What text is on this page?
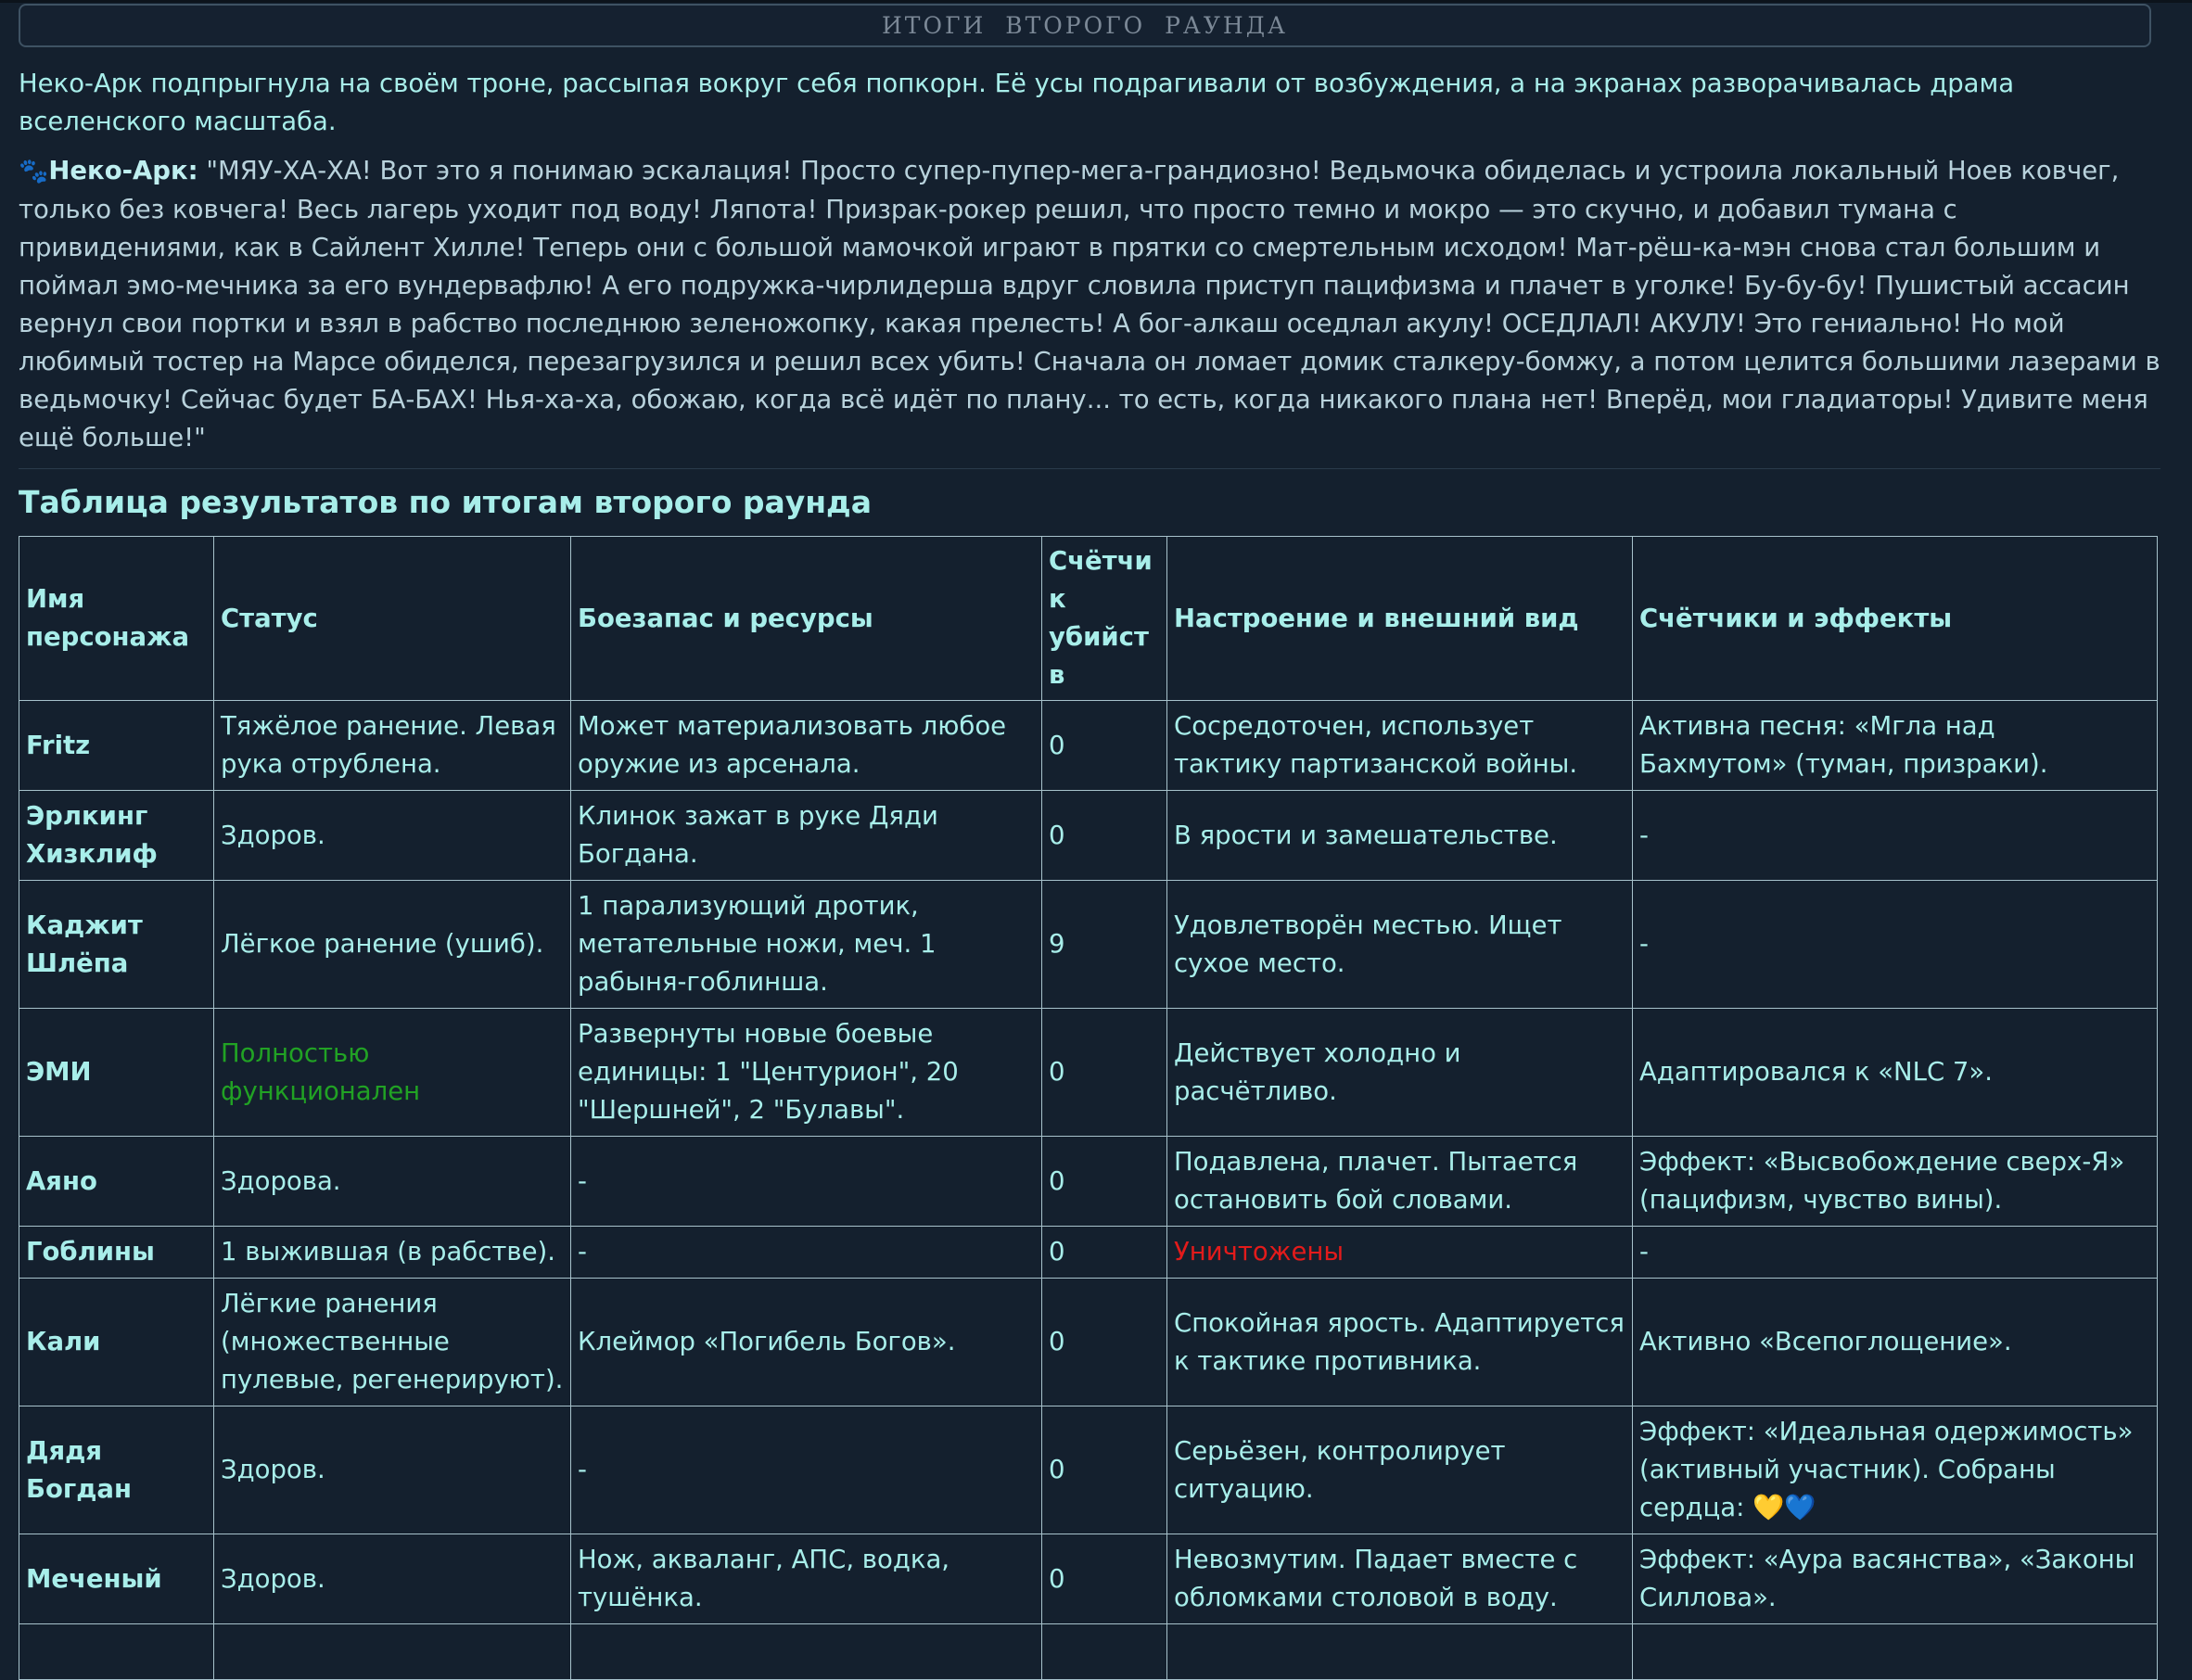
ИТОГИ ВТОРОГО РАУНДА

Неко-Арк подпрыгнула на своём троне, рассыпая вокруг себя попкорн. Её усы подрагивали от возбуждения, а на экранах разворачивалась драма вселенского масштаба.

🐾Неко-Арк: "МЯУ-ХА-ХА! Вот это я понимаю эскалация! Просто супер-пупер-мега-грандиозно! Ведьмочка обиделась и устроила локальный Ноев ковчег, только без ковчега! Весь лагерь уходит под воду! Ляпота! Призрак-рокер решил, что просто темно и мокро — это скучно, и добавил тумана с привидениями, как в Сайлент Хилле! Теперь они с большой мамочкой играют в прятки со смертельным исходом! Мат-рёш-ка-мэн снова стал большим и поймал эмо-мечника за его вундервафлю! А его подружка-чирлидерша вдруг словила приступ пацифизма и плачет в уголке! Бу-бу-бу! Пушистый ассасин вернул свои портки и взял в рабство последнюю зеленожопку, какая прелесть! А бог-алкаш оседлал акулу! ОСЕДЛАЛ! АКУЛУ! Это гениально! Но мой любимый тостер на Марсе обиделся, перезагрузился и решил всех убить! Сначала он ломает домик сталкеру-бомжу, а потом целится большими лазерами в ведьмочку! Сейчас будет БА-БАХ! Нья-ха-ха, обожаю, когда всё идёт по плану... то есть, когда никакого плана нет! Вперёд, мои гладиаторы! Удивите меня ещё больше!"

Таблица результатов по итогам второго раунда
Имя персонажа	Статус	Боезапас и ресурсы	Счётчик убийств	Настроение и внешний вид	Счётчики и эффекты
Fritz	Тяжёлое ранение. Левая рука отрублена.	Может материализовать любое оружие из арсенала.	0	Сосредоточен, использует тактику партизанской войны.	Активна песня: «Мгла над Бахмутом» (туман, призраки).
Эрлкинг Хизклиф	Здоров.	Клинок зажат в руке Дяди Богдана.	0	В ярости и замешательстве.	-
Каджит Шлёпа	Лёгкое ранение (ушиб).	1 парализующий дротик, метательные ножи, меч. 1 рабыня-гоблинша.	9	Удовлетворён местью. Ищет сухое место.	-
ЭМИ	Полностью функционален	Развернуты новые боевые единицы: 1 "Центурион", 20 "Шершней", 2 "Булавы".	0	Действует холодно и расчётливо.	Адаптировался к «NLC 7».
Аяно	Здорова.	-	0	Подавлена, плачет. Пытается остановить бой словами.	Эффект: «Высвобождение сверх-Я» (пацифизм, чувство вины).
Гоблины	1 выжившая (в рабстве).	-	0	Уничтожены	-
Кали	Лёгкие ранения (множественные пулевые, регенерируют).	Клеймор «Погибель Богов».	0	Спокойная ярость. Адаптируется к тактике противника.	Активно «Всепоглощение».
Дядя Богдан	Здоров.	-	0	Серьёзен, контролирует ситуацию.	Эффект: «Идеальная одержимость» (активный участник). Собраны сердца: 💛💙
Меченый	Здоров.	Нож, акваланг, АПС, водка, тушёнка.	0	Невозмутим. Падает вместе с обломками столовой в воду.	Эффект: «Аура васянства», «Законы Силлова».
